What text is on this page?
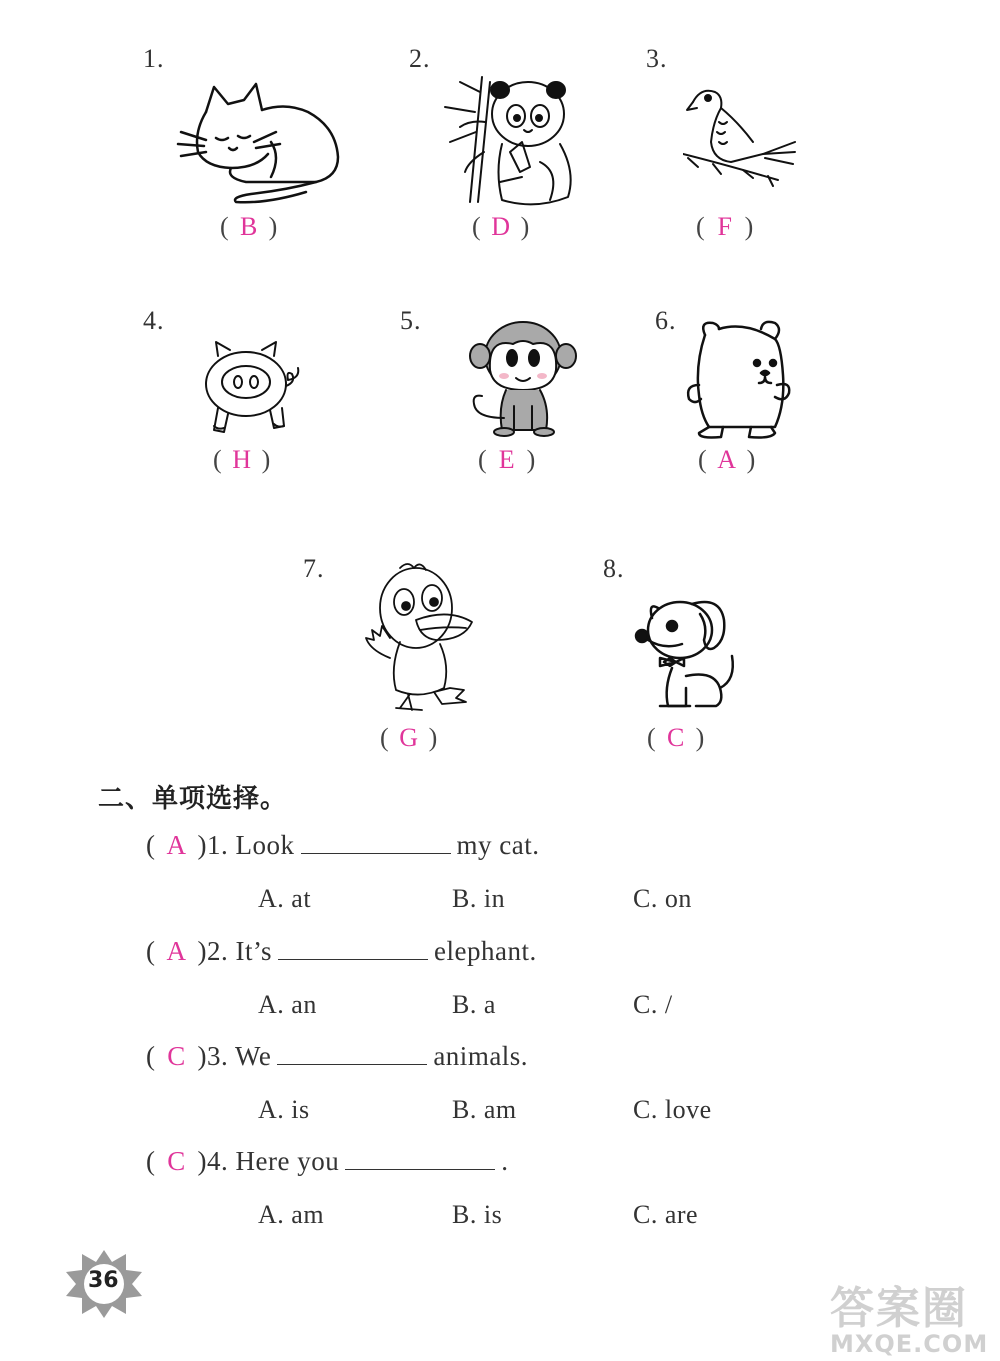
1.	2.	3.
4.	5.	6.
7.	8.
( B )	( D )	( F )
( H )	( E )	( A )
( G )	( C )
二、单项选择。
( A )1. Look	my cat.
A. at	B. in	C. on
( A )2. It’s	elephant.
A. an	B. a	C. /
( C )3. We	animals.
A. is	B. am	C. love
( C )4. Here you	.
A. am	B. is	C. are
36
答案圈
MXQE.COM
